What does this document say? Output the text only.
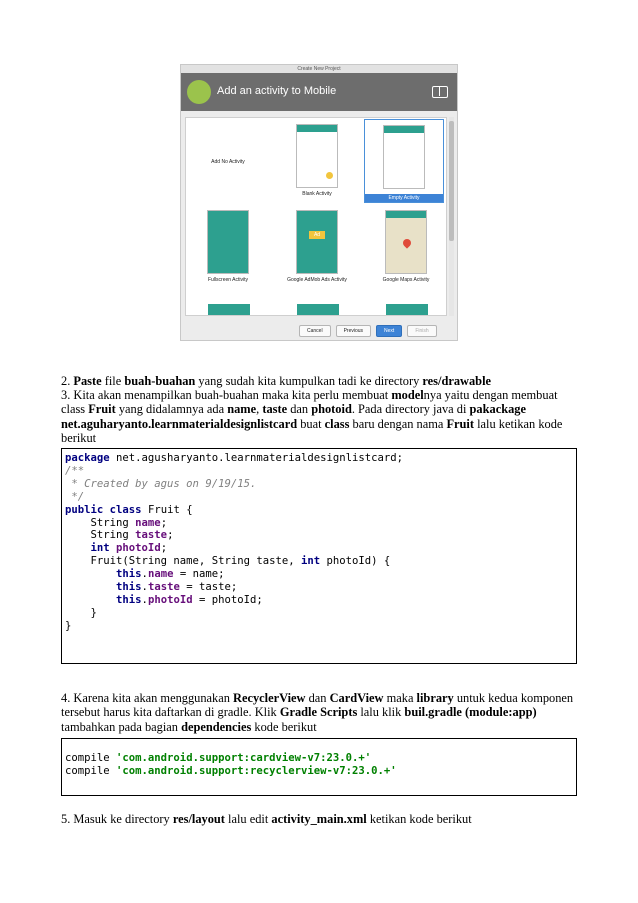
Create New Project
Add an activity to Mobile
Add No Activity
Blank Activity
Empty Activity
Fullscreen Activity
Ad
Google AdMob Ads Activity	Google Maps Activity
Cancel	Previous	Next	Finish
2. Paste file buah-buahan yang sudah kita kumpulkan tadi ke directory res/drawable
3. Kita akan menampilkan buah-buahan maka kita perlu membuat modelnya yaitu dengan membuat class Fruit yang didalamnya ada name, taste dan photoid. Pada directory java di pakackage net.aguharyanto.learnmaterialdesignlistcard buat class baru dengan nama Fruit lalu ketikan kode berikut
package net.agusharyanto.learnmaterialdesignlistcard;
/**
* Created by agus on 9/19/15.
*/
public class Fruit {
String name;
String taste;
int photoId;
Fruit(String name, String taste, int photoId) {
this.name = name;
this.taste = taste;
this.photoId = photoId;
}
}
4. Karena kita akan menggunakan RecyclerView dan CardView maka library untuk kedua komponen tersebut harus kita daftarkan di gradle. Klik Gradle Scripts lalu klik buil.gradle (module:app) tambahkan pada bagian dependencies kode berikut
compile 'com.android.support:cardview-v7:23.0.+'
compile 'com.android.support:recyclerview-v7:23.0.+'
5. Masuk ke directory res/layout lalu edit activity_main.xml ketikan kode berikut
